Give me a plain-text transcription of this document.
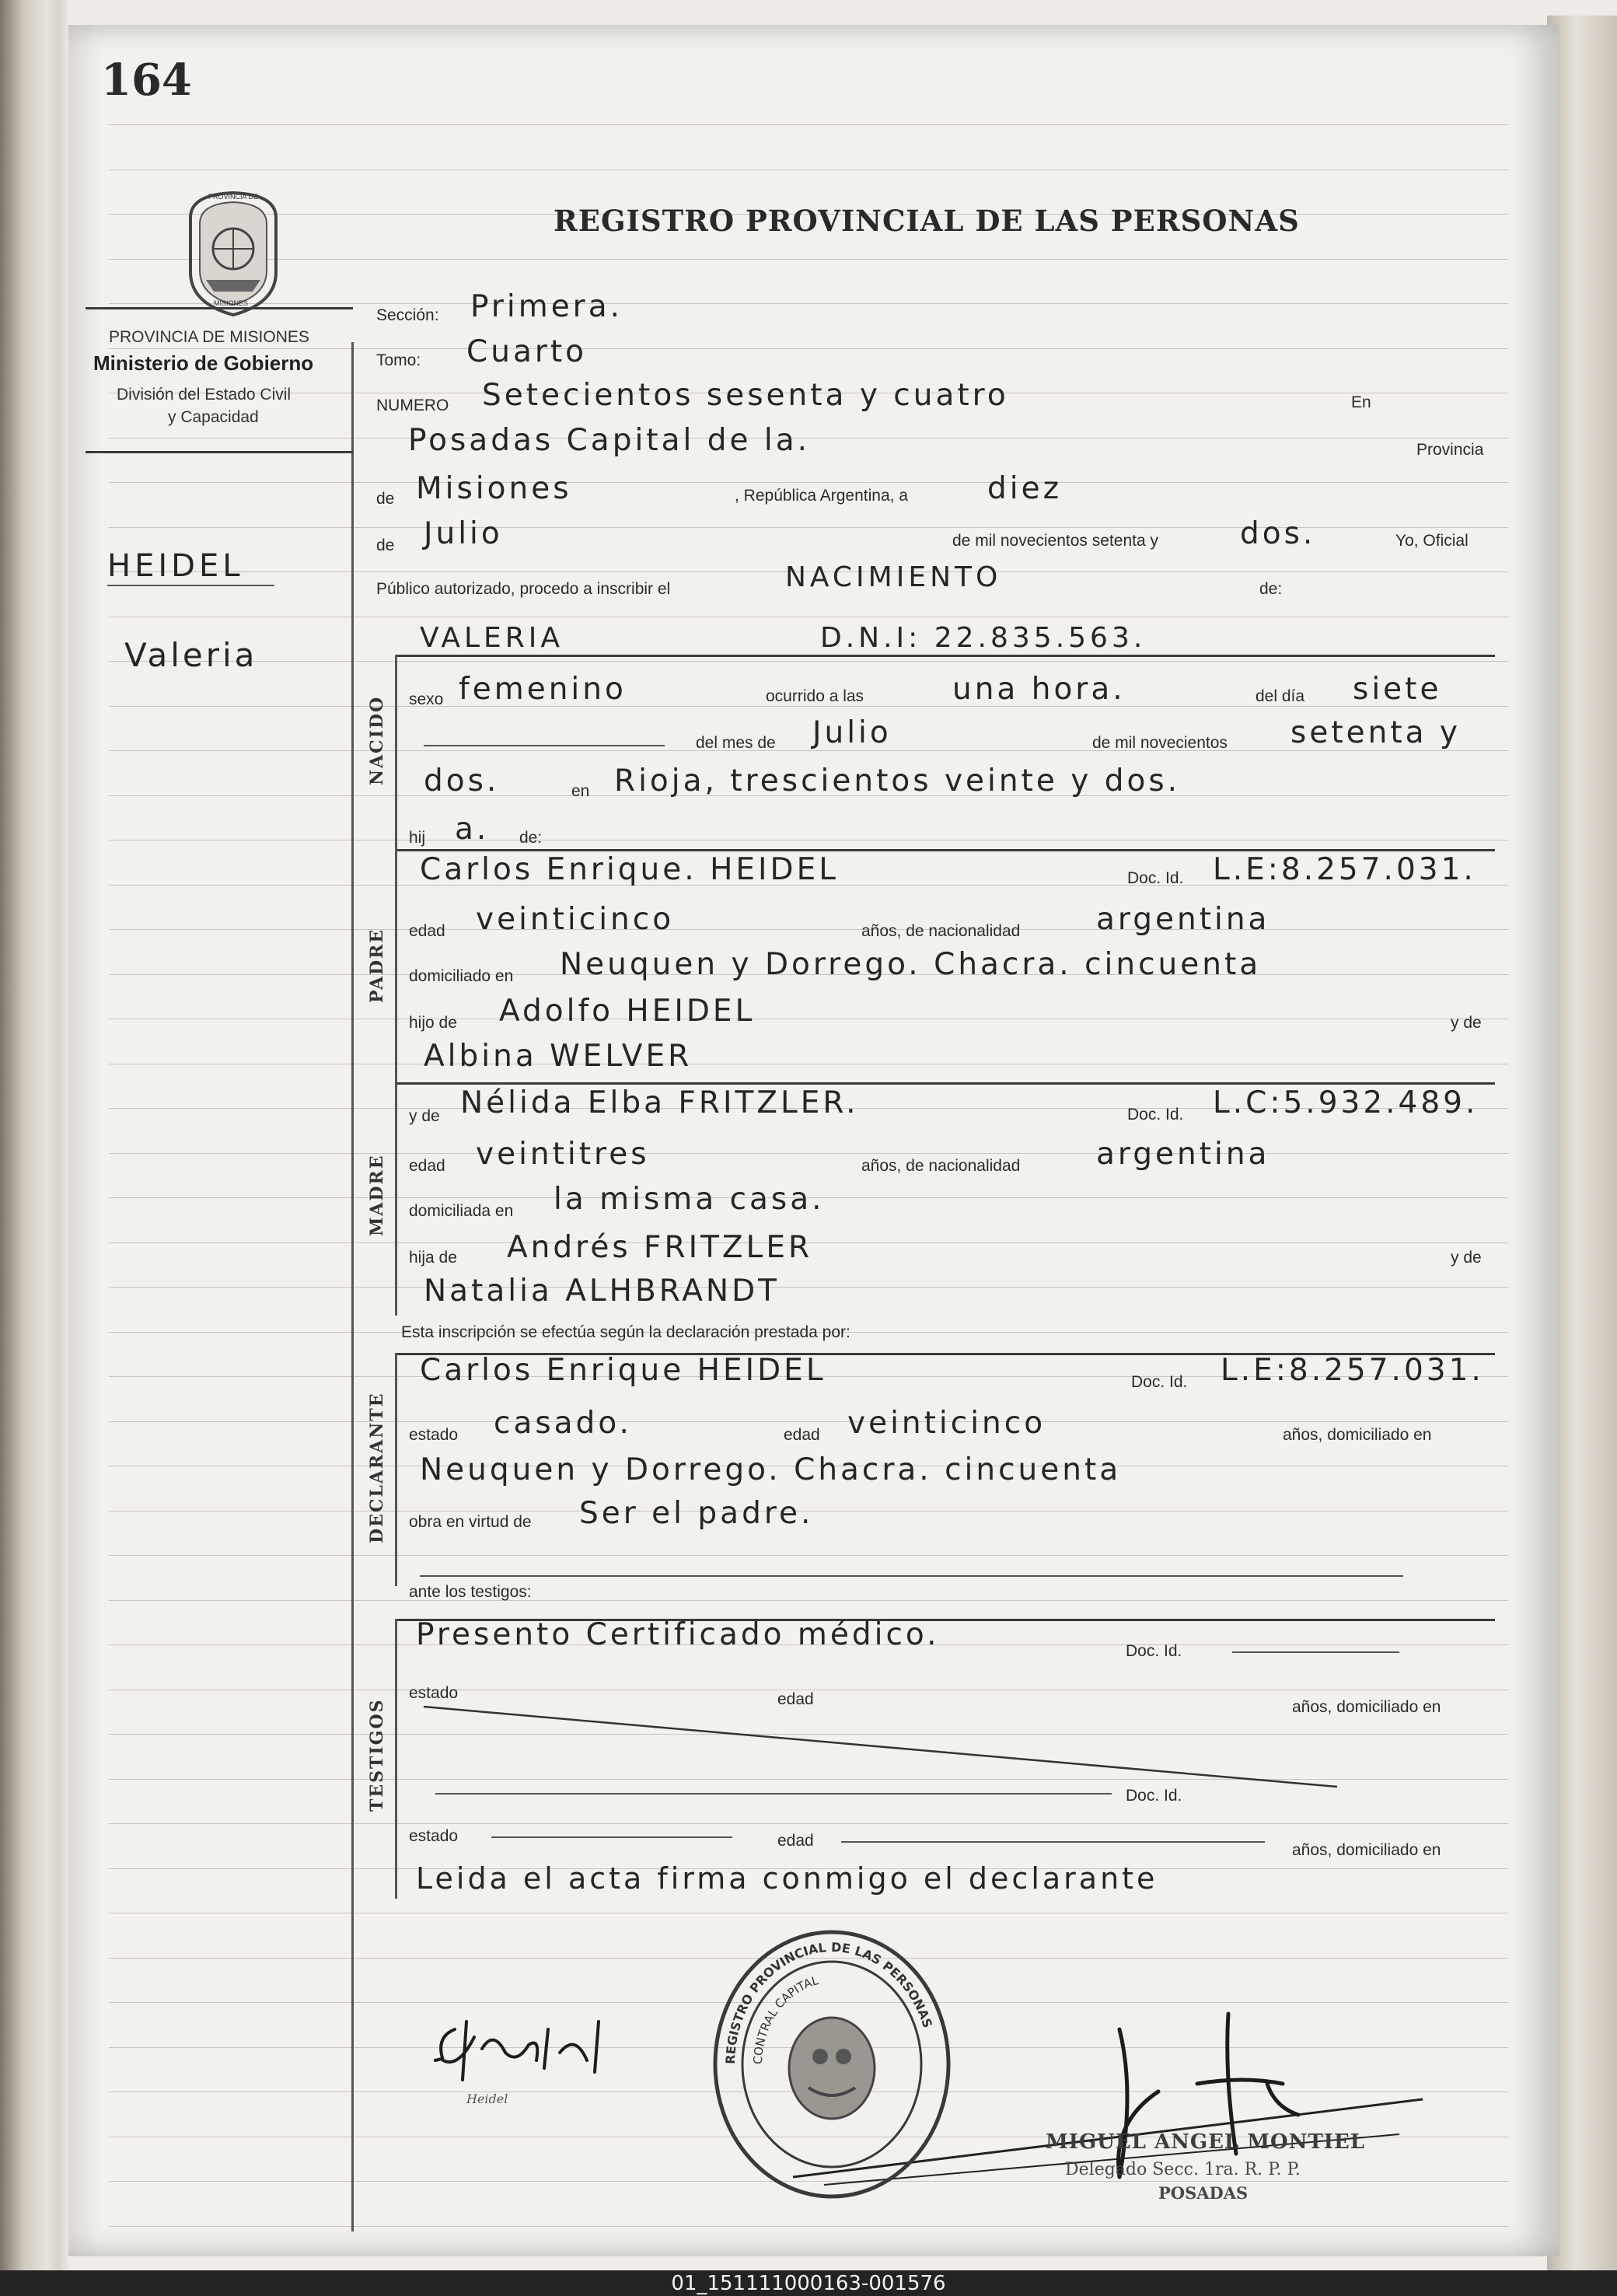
164
PROVINCIA DE
MISIONES
REGISTRO PROVINCIAL DE LAS PERSONAS
PROVINCIA DE MISIONES
Ministerio de Gobierno
División del Estado Civil
y Capacidad
HEIDEL
Valeria
Sección: Primera.
Tomo: Cuarto
NUMERO Setecientos sesenta y cuatro	En
Posadas Capital de la.	Provincia
de Misiones	, República Argentina, a	diez
de Julio	de mil novecientos setenta y	dos.	Yo, Oficial
Público autorizado, procedo a inscribir el	NACIMIENTO	de:
NACIDO
VALERIA	D.N.I: 22.835.563.
sexo femenino	ocurrido a las	una hora.	del día siete
del mes de Julio	de mil novecientos setenta y
dos.	en Rioja, trescientos veinte y dos.
hij a. de:
PADRE
Carlos Enrique. HEIDEL	Doc. Id. L.E:8.257.031.
edad veinticinco	años, de nacionalidad	argentina
domiciliado en Neuquen y Dorrego. Chacra. cincuenta
hijo de Adolfo HEIDEL	y de
Albina WELVER
MADRE
y de Nélida Elba FRITZLER.	Doc. Id. L.C:5.932.489.
edad veintitres	años, de nacionalidad	argentina
domiciliada en la misma casa.
hija de Andrés FRITZLER	y de
Natalia ALHBRANDT
Esta inscripción se efectúa según la declaración prestada por:
DECLARANTE
Carlos Enrique HEIDEL	Doc. Id. L.E:8.257.031.
estado casado.	edad veinticinco	años, domiciliado en
Neuquen y Dorrego. Chacra. cincuenta
obra en virtud de Ser el padre.
ante los testigos:
TESTIGOS
Presento Certificado médico.	Doc. Id.
estado	edad	años, domiciliado en
Doc. Id.
estado	edad
años, domiciliado en
Leida el acta firma conmigo el declarante
Heidel
REGISTRO PROVINCIAL DE LAS PERSONAS
CONTRAL CAPITAL
MIGUEL ANGEL MONTIEL
Delegado Secc. 1ra. R. P. P.
POSADAS
01_151111000163-001576
